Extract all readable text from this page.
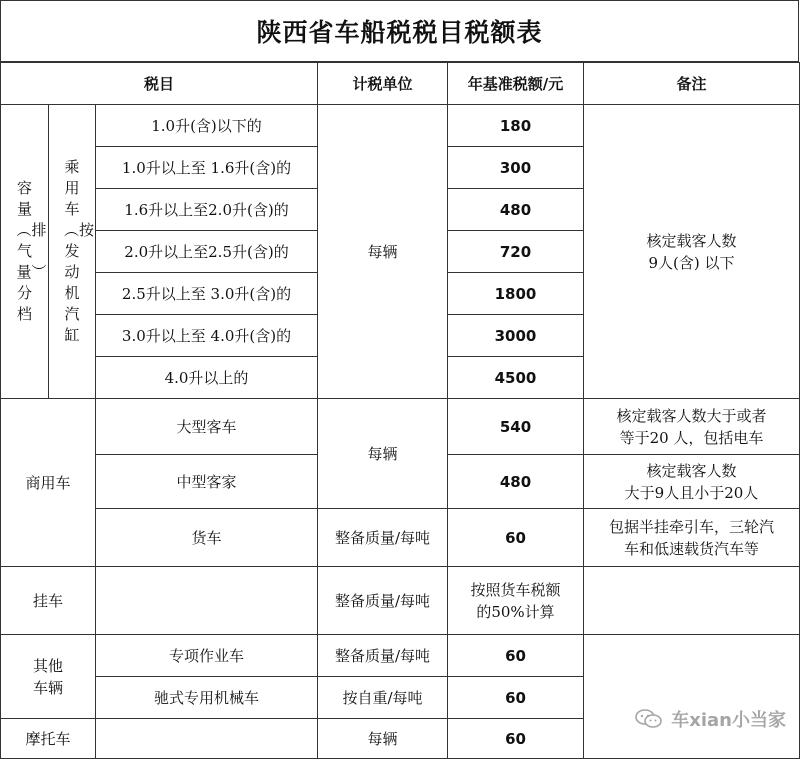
陕西省车船税税目税额表
税目			计税单位	年基准税额/元	备注
容量︵排气量︶分档	乘用车︵按发动机汽缸	1.0升(含)以下的	每辆	180	核定载客人数
9人(含) 以下

		1.0升以上至 1.6升(含)的		300	
		1.6升以上至2.0升(含)的		480	
		2.0升以上至2.5升(含)的		720	
		2.5升以上至 3.0升(含)的		1800	
		3.0升以上至 4.0升(含)的		3000	
		4.0升以上的		4500	
商用车		大型客车	每辆	540	核定载客人数大于或者
等于20 人，包括电车

		中型客家		480	核定载客人数
大于9人且小于20人

		货车	整备质量/每吨	60	包据半挂牵引车，三轮汽
车和低速载货汽车等

挂车			整备质量/每吨	按照货车税额
的50%计算	

其他
车辆		专项作业车	整备质量/每吨	60	
		驰式专用机械车	按自重/每吨	60	
摩托车			每辆	60	
车xian小当家
